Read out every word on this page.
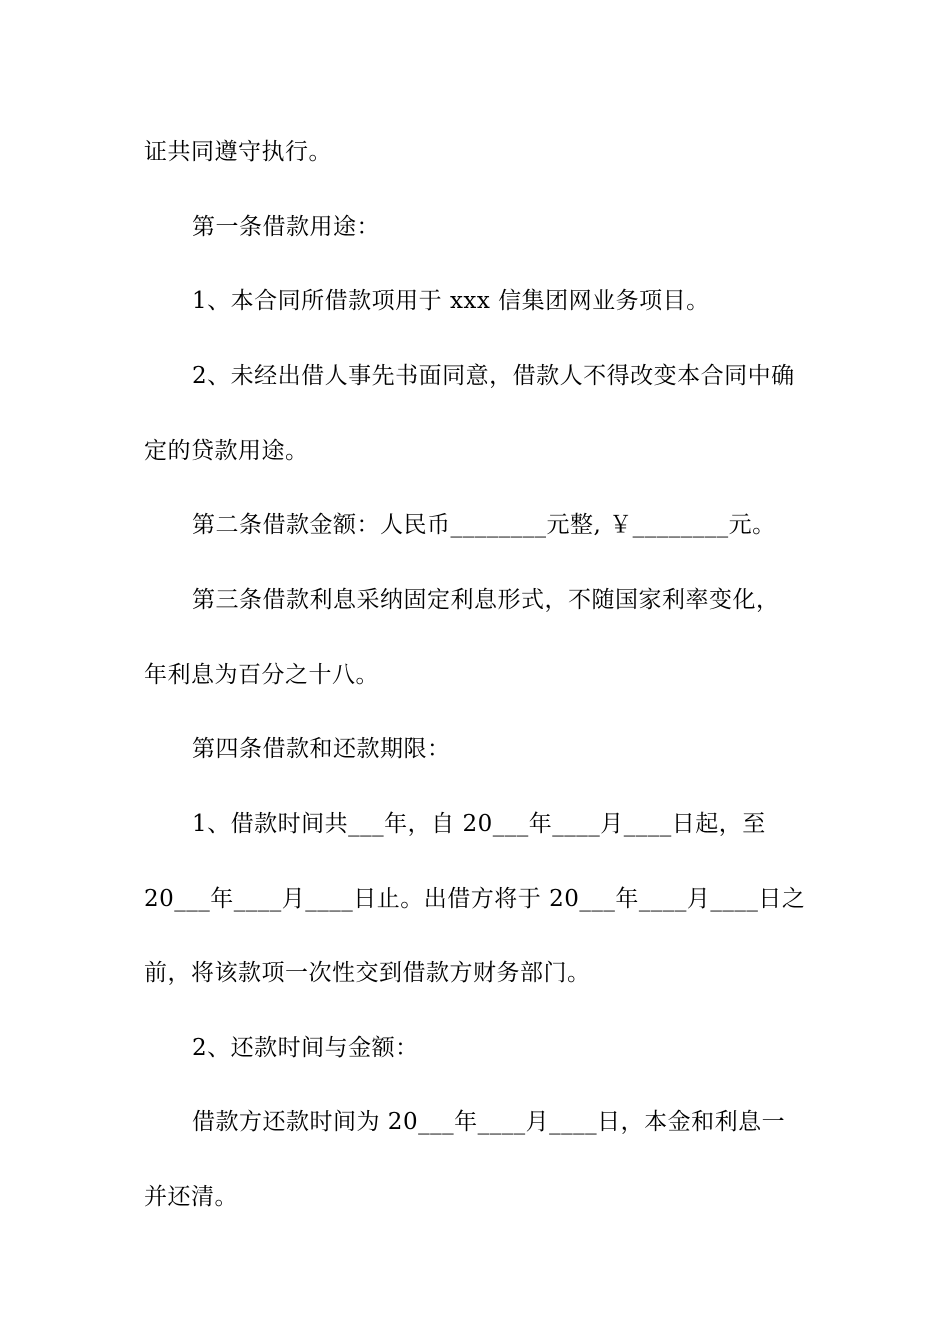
证共同遵守执行。
第一条借款用途：
1、本合同所借款项用于 xxx 信集团网业务项目。
2、未经出借人事先书面同意，借款人不得改变本合同中确
定的贷款用途。
第二条借款金额：人民币________元整, ￥________元。
第三条借款利息采纳固定利息形式，不随国家利率变化，
年利息为百分之十八。
第四条借款和还款期限：
1、借款时间共___年，自 20___年____月____日起，至
20___年____月____日止。出借方将于 20___年____月____日之
前，将该款项一次性交到借款方财务部门。
2、还款时间与金额：
借款方还款时间为 20___年____月____日，本金和利息一
并还清。
